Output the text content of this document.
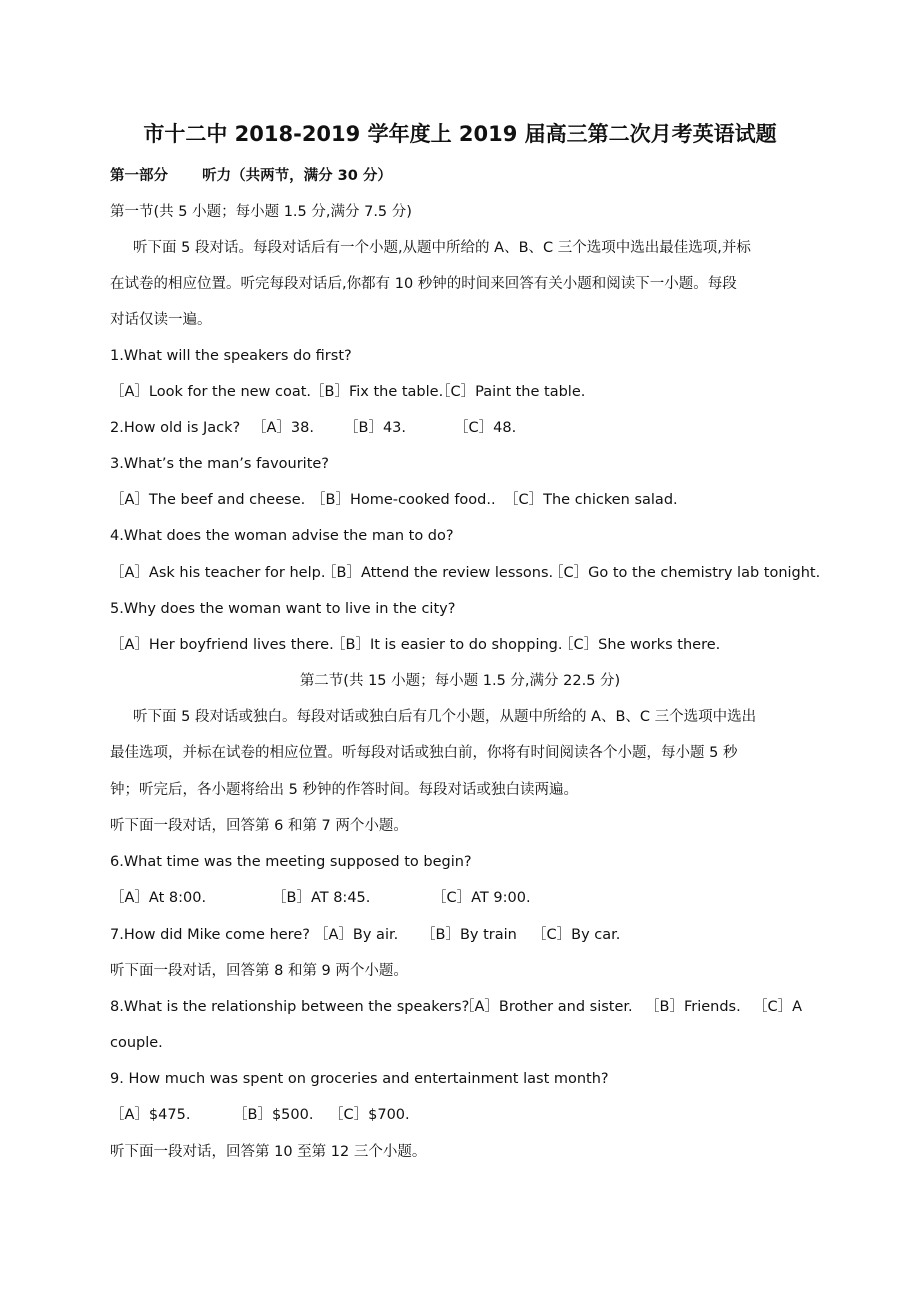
市十二中 2018-2019 学年度上 2019 届高三第二次月考英语试题
第一部分 听力（共两节，满分 30 分）
第一节(共 5 小题；每小题 1.5 分,满分 7.5 分)
听下面 5 段对话。每段对话后有一个小题,从题中所给的 A、B、C 三个选项中选出最佳选项,并标
在试卷的相应位置。听完每段对话后,你都有 10 秒钟的时间来回答有关小题和阅读下一小题。每段
对话仅读一遍。
1.What will the speakers do first?
［A］Look for the new coat.［B］Fix the table.［C］Paint the table.
2.How old is Jack? ［A］38. ［B］43.	［C］48.
3.What’s the man’s favourite?
［A］The beef and cheese. ［B］Home-cooked food.. ［C］The chicken salad.
4.What does the woman advise the man to do?
［A］Ask his teacher for help.［B］Attend the review lessons.［C］Go to the chemistry lab tonight.
5.Why does the woman want to live in the city?
［A］Her boyfriend lives there.［B］It is easier to do shopping.［C］She works there.
第二节(共 15 小题；每小题 1.5 分,满分 22.5 分)
听下面 5 段对话或独白。每段对话或独白后有几个小题，从题中所给的 A、B、C 三个选项中选出
最佳选项，并标在试卷的相应位置。听每段对话或独白前，你将有时间阅读各个小题，每小题 5 秒
钟；听完后，各小题将给出 5 秒钟的作答时间。每段对话或独白读两遍。
听下面一段对话，回答第 6 和第 7 两个小题。
6.What time was the meeting supposed to begin?
［A］At 8:00.	［B］AT 8:45.	［C］AT 9:00.
7.How did Mike come here? ［A］By air. ［B］By train ［C］By car.
听下面一段对话，回答第 8 和第 9 两个小题。
8.What is the relationship between the speakers?［A］Brother and sister. ［B］Friends. ［C］A
couple.
9. How much was spent on groceries and entertainment last month?
［A］$475.	［B］$500. ［C］$700.
听下面一段对话，回答第 10 至第 12 三个小题。
